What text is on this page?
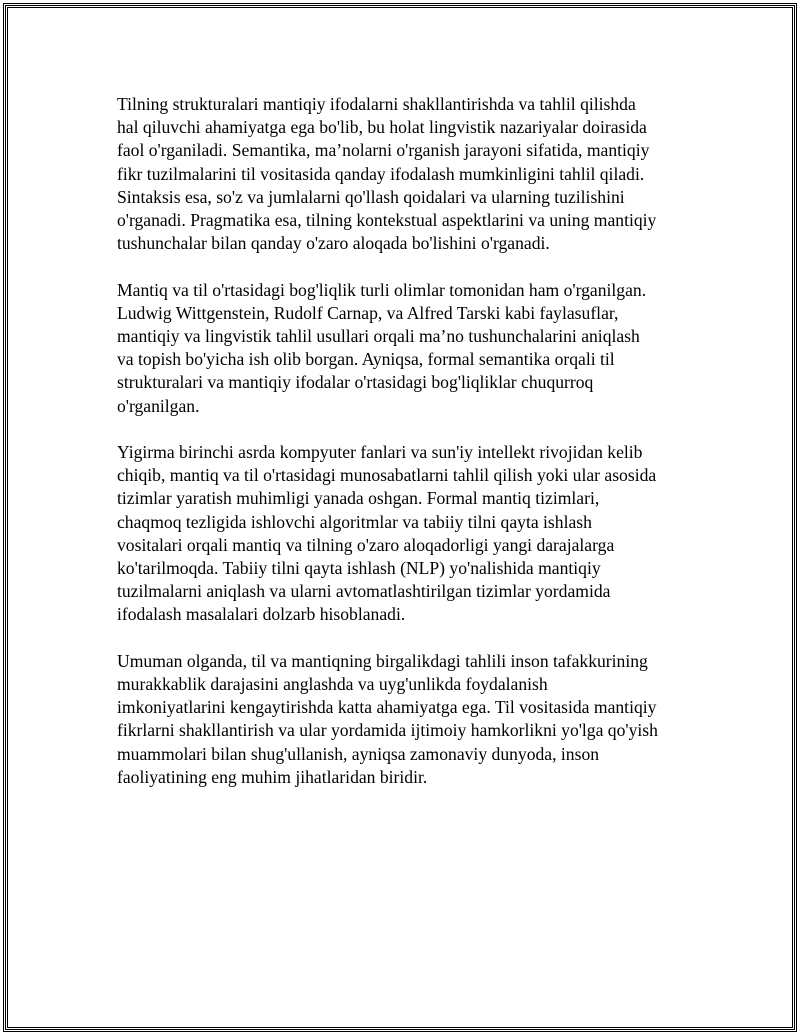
Tilning strukturalari mantiqiy ifodalarni shakllantirishda va tahlil qilishda
hal qiluvchi ahamiyatga ega bo'lib, bu holat lingvistik nazariyalar doirasida
faol o'rganiladi. Semantika, ma’nolarni o'rganish jarayoni sifatida, mantiqiy
fikr tuzilmalarini til vositasida qanday ifodalash mumkinligini tahlil qiladi.
Sintaksis esa, so'z va jumlalarni qo'llash qoidalari va ularning tuzilishini
o'rganadi. Pragmatika esa, tilning kontekstual aspektlarini va uning mantiqiy
tushunchalar bilan qanday o'zaro aloqada bo'lishini o'rganadi.

Mantiq va til o'rtasidagi bog'liqlik turli olimlar tomonidan ham o'rganilgan.
Ludwig Wittgenstein, Rudolf Carnap, va Alfred Tarski kabi faylasuflar,
mantiqiy va lingvistik tahlil usullari orqali ma’no tushunchalarini aniqlash
va topish bo'yicha ish olib borgan. Ayniqsa, formal semantika orqali til
strukturalari va mantiqiy ifodalar o'rtasidagi bog'liqliklar chuqurroq
o'rganilgan.

Yigirma birinchi asrda kompyuter fanlari va sun'iy intellekt rivojidan kelib
chiqib, mantiq va til o'rtasidagi munosabatlarni tahlil qilish yoki ular asosida
tizimlar yaratish muhimligi yanada oshgan. Formal mantiq tizimlari,
chaqmoq tezligida ishlovchi algoritmlar va tabiiy tilni qayta ishlash
vositalari orqali mantiq va tilning o'zaro aloqadorligi yangi darajalarga
ko'tarilmoqda. Tabiiy tilni qayta ishlash (NLP) yo'nalishida mantiqiy
tuzilmalarni aniqlash va ularni avtomatlashtirilgan tizimlar yordamida
ifodalash masalalari dolzarb hisoblanadi.

Umuman olganda, til va mantiqning birgalikdagi tahlili inson tafakkurining
murakkablik darajasini anglashda va uyg'unlikda foydalanish
imkoniyatlarini kengaytirishda katta ahamiyatga ega. Til vositasida mantiqiy
fikrlarni shakllantirish va ular yordamida ijtimoiy hamkorlikni yo'lga qo'yish
muammolari bilan shug'ullanish, ayniqsa zamonaviy dunyoda, inson
faoliyatining eng muhim jihatlaridan biridir.
